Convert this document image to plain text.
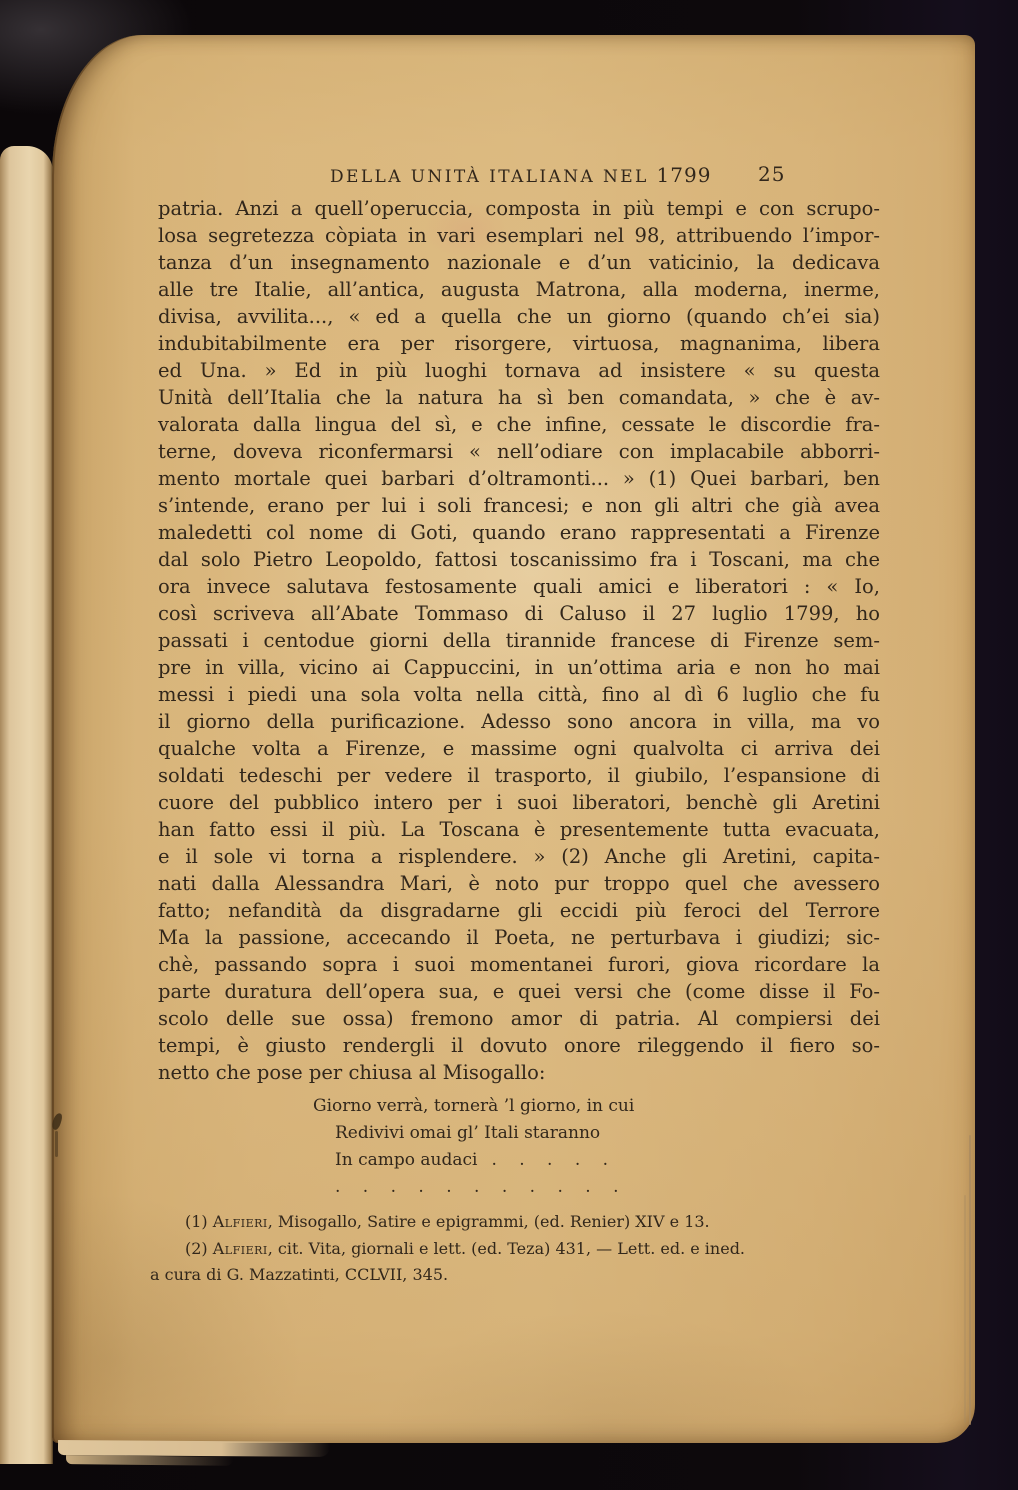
DELLA UNITÀ ITALIANA NEL 1799 25
patria. Anzi a quell’operuccia, composta in più tempi e con scrupo-
losa segretezza còpiata in vari esemplari nel 98, attribuendo l’impor-
tanza d’un insegnamento nazionale e d’un vaticinio, la dedicava
alle tre Italie, all’antica, augusta Matrona, alla moderna, inerme,
divisa, avvilita..., « ed a quella che un giorno (quando ch’ei sia)
indubitabilmente era per risorgere, virtuosa, magnanima, libera
ed Una. » Ed in più luoghi tornava ad insistere « su questa
Unità dell’Italia che la natura ha sì ben comandata, » che è av-
valorata dalla lingua del sì, e che infine, cessate le discordie fra-
terne, doveva riconfermarsi « nell’odiare con implacabile abborri-
mento mortale quei barbari d’oltramonti... » (1) Quei barbari, ben
s’intende, erano per lui i soli francesi; e non gli altri che già avea
maledetti col nome di Goti, quando erano rappresentati a Firenze
dal solo Pietro Leopoldo, fattosi toscanissimo fra i Toscani, ma che
ora invece salutava festosamente quali amici e liberatori : « Io,
così scriveva all’Abate Tommaso di Caluso il 27 luglio 1799, ho
passati i centodue giorni della tirannide francese di Firenze sem-
pre in villa, vicino ai Cappuccini, in un’ottima aria e non ho mai
messi i piedi una sola volta nella città, fino al dì 6 luglio che fu
il giorno della purificazione. Adesso sono ancora in villa, ma vo
qualche volta a Firenze, e massime ogni qualvolta ci arriva dei
soldati tedeschi per vedere il trasporto, il giubilo, l’espansione di
cuore del pubblico intero per i suoi liberatori, benchè gli Aretini
han fatto essi il più. La Toscana è presentemente tutta evacuata,
e il sole vi torna a risplendere. » (2) Anche gli Aretini, capita-
nati dalla Alessandra Mari, è noto pur troppo quel che avessero
fatto; nefandità da disgradarne gli eccidi più feroci del Terrore
Ma la passione, accecando il Poeta, ne perturbava i giudizi; sic-
chè, passando sopra i suoi momentanei furori, giova ricordare la
parte duratura dell’opera sua, e quei versi che (come disse il Fo-
scolo delle sue ossa) fremono amor di patria. Al compiersi dei
tempi, è giusto rendergli il dovuto onore rileggendo il fiero so-
netto che pose per chiusa al Misogallo:
Giorno verrà, tornerà ’l giorno, in cui
Redivivi omai gl’ Itali staranno
In campo audaci . . . . .
. . . . . . . . . . .
(1) Alfieri, Misogallo, Satire e epigrammi, (ed. Renier) XIV e 13.
(2) Alfieri, cit. Vita, giornali e lett. (ed. Teza) 431, — Lett. ed. e ined.
a cura di G. Mazzatinti, CCLVII, 345.
